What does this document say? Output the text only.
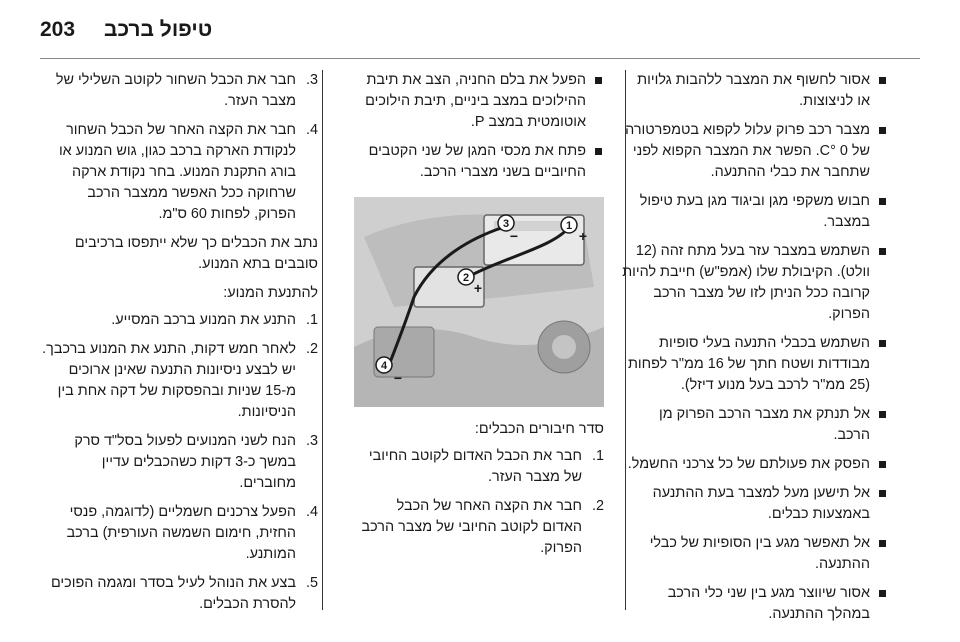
203 טיפול ברכב
אסור לחשוף את המצבר ללהבות גלויות או לניצוצות.
מצבר רכב פרוק עלול לקפוא בטמפרטורה של 0 °C. הפשר את המצבר הקפוא לפני שתחבר את כבלי ההתנעה.
חבוש משקפי מגן וביגוד מגן בעת טיפול במצבר.
השתמש במצבר עזר בעל מתח זהה (12 וולט). הקיבולת שלו (אמפ"ש) חייבת להיות קרובה ככל הניתן לזו של מצבר הרכב הפרוק.
השתמש בכבלי התנעה בעלי סופיות מבודדות ושטח חתך של 16 ממ"ר לפחות (25 ממ"ר לרכב בעל מנוע דיזל).
אל תנתק את מצבר הרכב הפרוק מן הרכב.
הפסק את פעולתם של כל צרכני החשמל.
אל תישען מעל למצבר בעת ההתנעה באמצעות כבלים.
אל תאפשר מגע בין הסופיות של כבלי ההתנעה.
אסור שיווצר מגע בין שני כלי הרכב במהלך ההתנעה.
הפעל את בלם החניה, הצב את תיבת ההילוכים במצב ביניים, תיבת הילוכים אוטומטית במצב P.
פתח את מכסי המגן של שני הקטבים החיוביים בשני מצברי הרכב.
1
+
2
+
3
−
4
−

סדר חיבורים הכבלים:

1.
חבר את הכבל האדום לקוטב החיובי של מצבר העזר.
2.
חבר את הקצה האחר של הכבל האדום לקוטב החיובי של מצבר הרכב הפרוק.
3.
חבר את הכבל השחור לקוטב השלילי של מצבר העזר.
4.
חבר את הקצה האחר של הכבל השחור לנקודת הארקה ברכב כגון, גוש המנוע או בורג התקנת המנוע. בחר נקודת ארקה שרחוקה ככל האפשר ממצבר הרכב הפרוק, לפחות 60 ס"מ.

נתב את הכבלים כך שלא ייתפסו ברכיבים סובבים בתא המנוע.

להתנעת המנוע:

1.
התנע את המנוע ברכב המסייע.
2.
לאחר חמש דקות, התנע את המנוע ברכבך. יש לבצע ניסיונות התנעה שאינן ארוכים מ-15 שניות ובהפסקות של דקה אחת בין הניסיונות.
3.
הנח לשני המנועים לפעול בסל"ד סרק במשך כ-3 דקות כשהכבלים עדיין מחוברים.
4.
הפעל צרכנים חשמליים (לדוגמה, פנסי החזית, חימום השמשה העורפית) ברכב המותנע.
5.
בצע את הנוהל לעיל בסדר ומגמה הפוכים להסרת הכבלים.
